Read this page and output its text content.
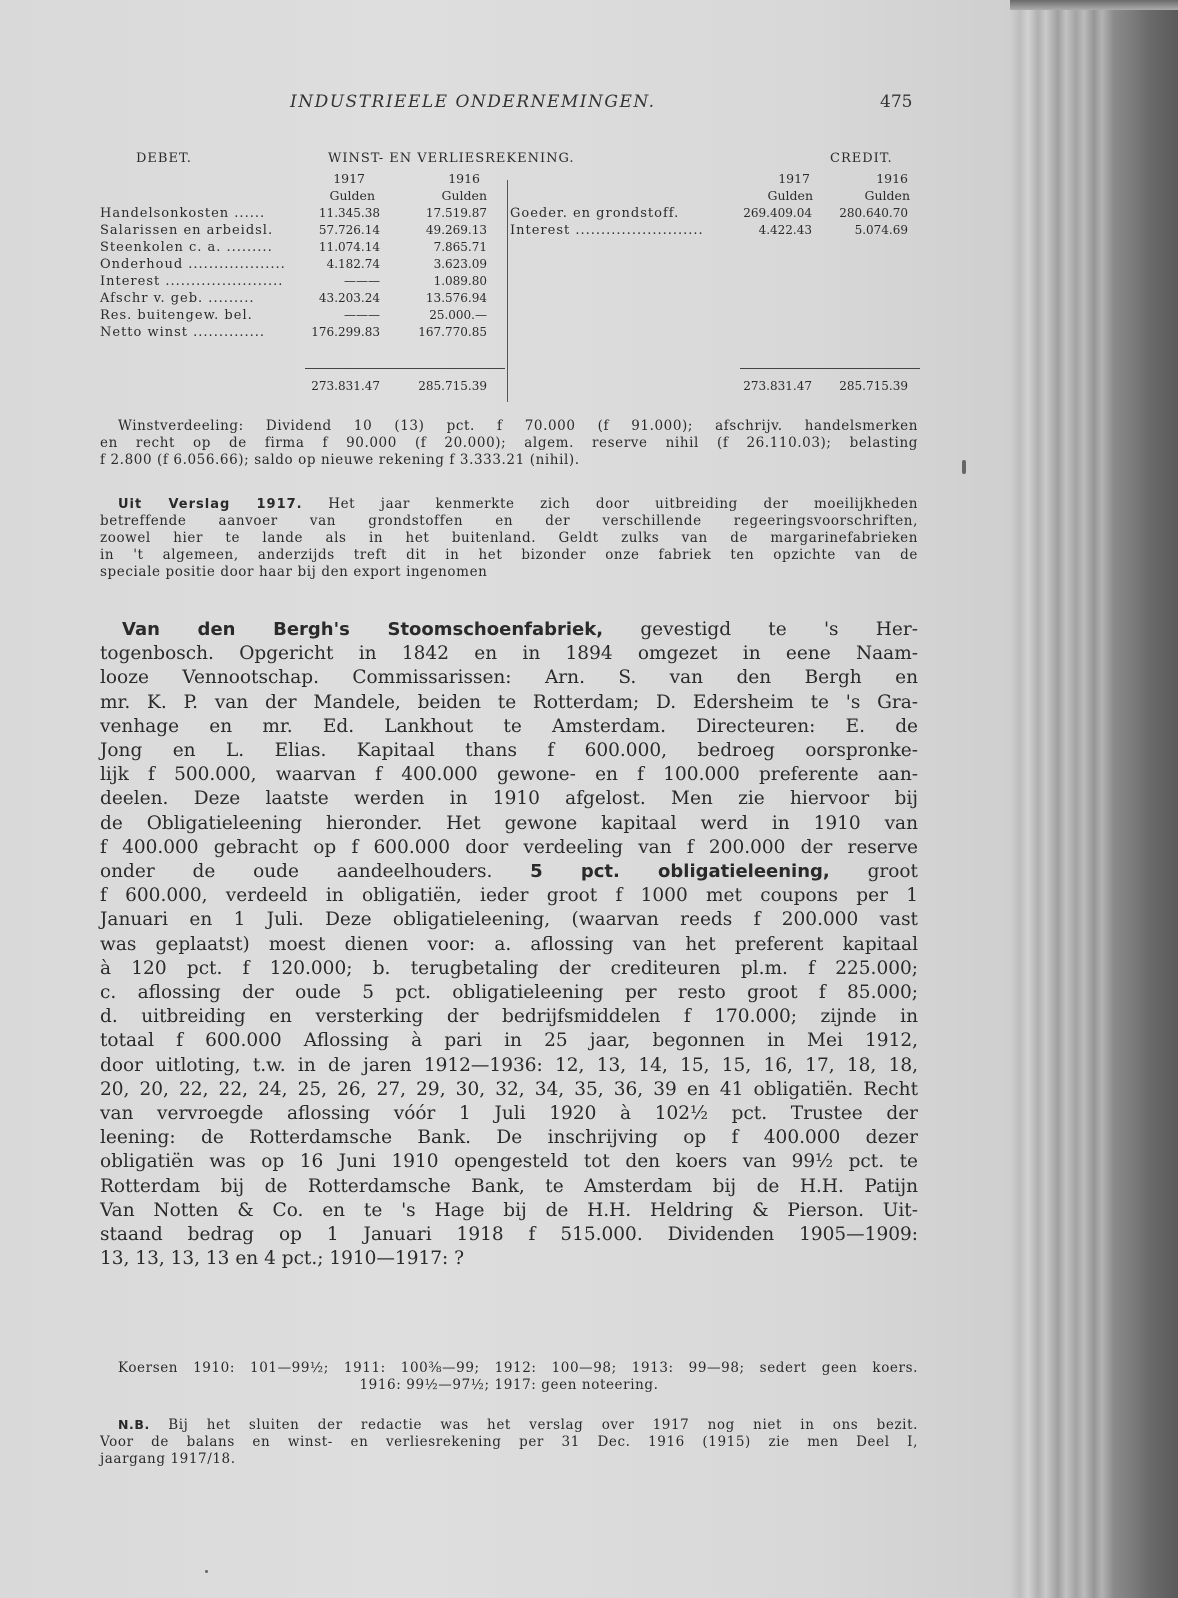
INDUSTRIEELE ONDERNEMINGEN.	475
DEBET.	WINST- EN VERLIESREKENING.	CREDIT.
1917	1916
Gulden	Gulden
1917	1916
Gulden	Gulden
Handelsonkosten ......	11.345.38	17.519.87
Salarissen en arbeidsl.	57.726.14	49.269.13
Steenkolen c. a. .........	11.074.14	7.865.71
Onderhoud ...................	4.182.74	3.623.09
Interest .......................	———	1.089.80
Afschr v. geb. .........	43.203.24	13.576.94
Res. buitengew. bel.	———	25.000.—
Netto winst ..............	176.299.83	167.770.85
273.831.47	285.715.39
Goeder. en grondstoff.	269.409.04	280.640.70
Interest .........................	4.422.43	5.074.69
273.831.47	285.715.39
Winstverdeeling: Dividend 10 (13) pct. f 70.000 (f 91.000); afschrijv. handelsmerken
en recht op de firma f 90.000 (f 20.000); algem. reserve nihil (f 26.110.03); belasting
f 2.800 (f 6.056.66); saldo op nieuwe rekening f 3.333.21 (nihil).
Uit Verslag 1917. Het jaar kenmerkte zich door uitbreiding der moeilijkheden
betreffende aanvoer van grondstoffen en der verschillende regeeringsvoorschriften,
zoowel hier te lande als in het buitenland. Geldt zulks van de margarinefabrieken
in 't algemeen, anderzijds treft dit in het bizonder onze fabriek ten opzichte van de
speciale positie door haar bij den export ingenomen
Van den Bergh's Stoomschoenfabriek, gevestigd te 's Her-
togenbosch. Opgericht in 1842 en in 1894 omgezet in eene Naam-
looze Vennootschap. Commissarissen: Arn. S. van den Bergh en
mr. K. P. van der Mandele, beiden te Rotterdam; D. Edersheim te 's Gra-
venhage en mr. Ed. Lankhout te Amsterdam. Directeuren: E. de
Jong en L. Elias. Kapitaal thans f 600.000, bedroeg oorspronke-
lijk f 500.000, waarvan f 400.000 gewone- en f 100.000 preferente aan-
deelen. Deze laatste werden in 1910 afgelost. Men zie hiervoor bij
de Obligatieleening hieronder. Het gewone kapitaal werd in 1910 van
f 400.000 gebracht op f 600.000 door verdeeling van f 200.000 der reserve
onder de oude aandeelhouders. 5 pct. obligatieleening, groot
f 600.000, verdeeld in obligatiën, ieder groot f 1000 met coupons per 1
Januari en 1 Juli. Deze obligatieleening, (waarvan reeds f 200.000 vast
was geplaatst) moest dienen voor: a. aflossing van het preferent kapitaal
à 120 pct. f 120.000; b. terugbetaling der crediteuren pl.m. f 225.000;
c. aflossing der oude 5 pct. obligatieleening per resto groot f 85.000;
d. uitbreiding en versterking der bedrijfsmiddelen f 170.000; zijnde in
totaal f 600.000 Aflossing à pari in 25 jaar, begonnen in Mei 1912,
door uitloting, t.w. in de jaren 1912—1936: 12, 13, 14, 15, 15, 16, 17, 18, 18,
20, 20, 22, 22, 24, 25, 26, 27, 29, 30, 32, 34, 35, 36, 39 en 41 obligatiën. Recht
van vervroegde aflossing vóór 1 Juli 1920 à 102½ pct. Trustee der
leening: de Rotterdamsche Bank. De inschrijving op f 400.000 dezer
obligatiën was op 16 Juni 1910 opengesteld tot den koers van 99½ pct. te
Rotterdam bij de Rotterdamsche Bank, te Amsterdam bij de H.H. Patijn
Van Notten & Co. en te 's Hage bij de H.H. Heldring & Pierson. Uit-
staand bedrag op 1 Januari 1918 f 515.000. Dividenden 1905—1909:
13, 13, 13, 13 en 4 pct.; 1910—1917: ?
Koersen 1910: 101—99½; 1911: 100⅜—99; 1912: 100—98; 1913: 99—98; sedert geen koers.
1916: 99½—97½; 1917: geen noteering.
N.B. Bij het sluiten der redactie was het verslag over 1917 nog niet in ons bezit.
Voor de balans en winst- en verliesrekening per 31 Dec. 1916 (1915) zie men Deel I,
jaargang 1917/18.
